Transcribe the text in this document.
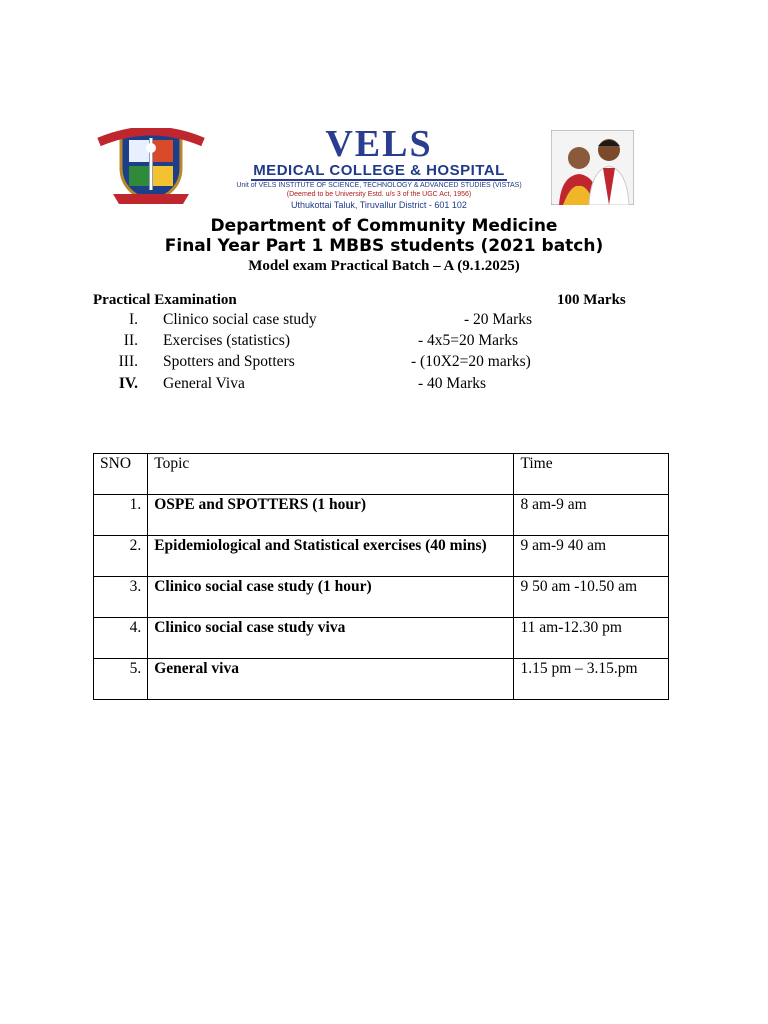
VELS
MEDICAL COLLEGE & HOSPITAL
Unit of VELS INSTITUTE OF SCIENCE, TECHNOLOGY & ADVANCED STUDIES (VISTAS)
(Deemed to be University Estd. u/s 3 of the UGC Act, 1956)
Uthukottai Taluk, Tiruvallur District - 601 102
Department of Community Medicine
Final Year Part 1 MBBS students (2021 batch)
Model exam Practical Batch – A (9.1.2025)
Practical Examination	100 Marks
I. Clinico social case study	- 20 Marks
II. Exercises (statistics)	- 4x5=20 Marks
III. Spotters and Spotters	- (10X2=20 marks)
IV. General Viva	- 40 Marks
SNO	Topic	Time
1.	OSPE and SPOTTERS (1 hour)	8 am-9 am
2.	Epidemiological and Statistical exercises (40 mins)	9 am-9 40 am
3.	Clinico social case study (1 hour)	9 50 am -10.50 am
4.	Clinico social case study viva	11 am-12.30 pm
5.	General viva	1.15 pm – 3.15.pm
